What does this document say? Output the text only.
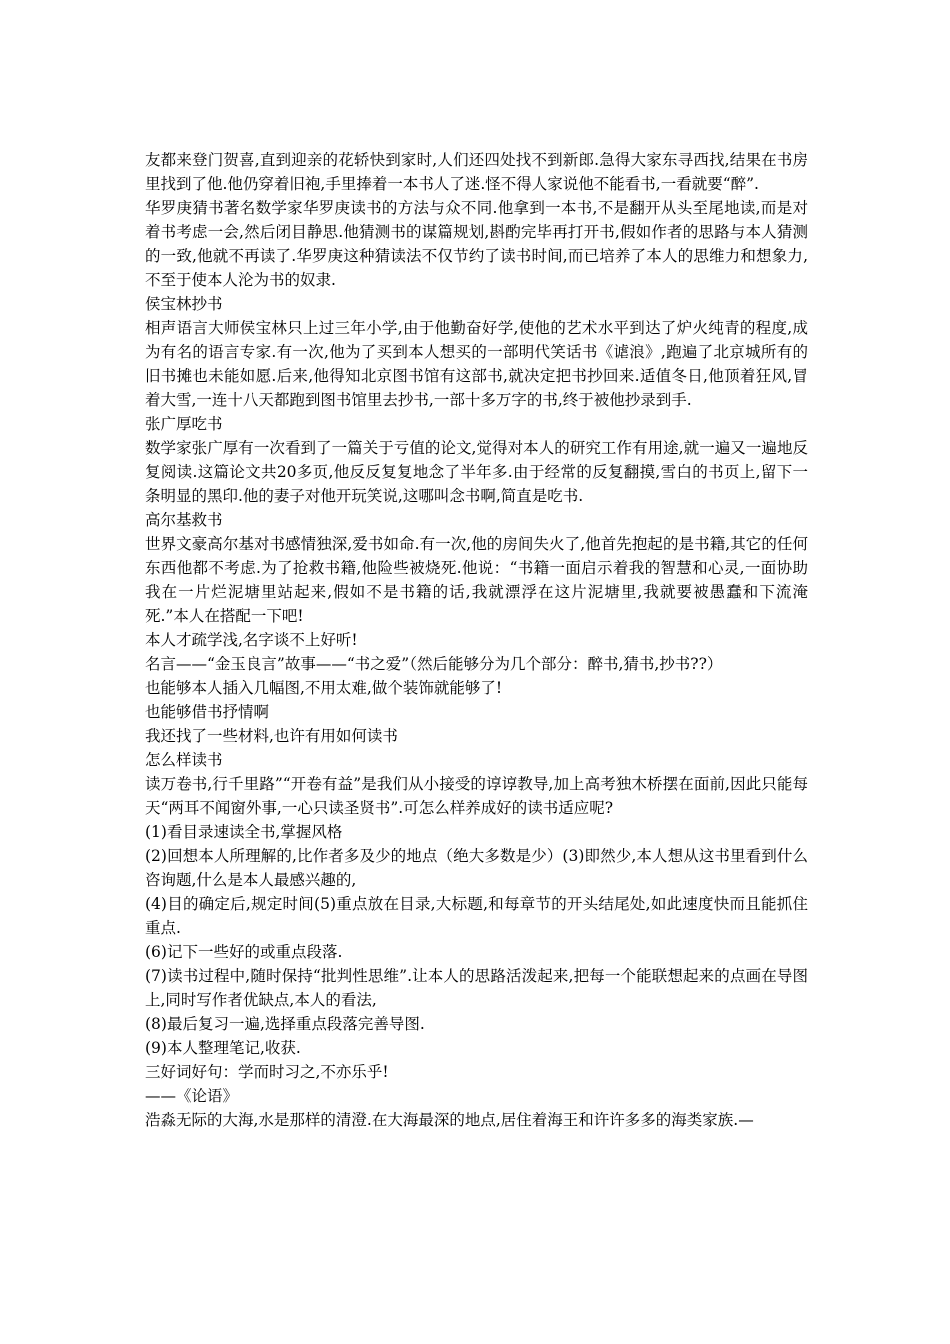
友都来登门贺喜,直到迎亲的花轿快到家时,人们还四处找不到新郎.急得大家东寻西找,结果在书房里找到了他.他仍穿着旧袍,手里捧着一本书人了迷.怪不得人家说他不能看书,一看就要“醉”.

华罗庚猜书著名数学家华罗庚读书的方法与众不同.他拿到一本书,不是翻开从头至尾地读,而是对着书考虑一会,然后闭目静思.他猜测书的谋篇规划,斟酌完毕再打开书,假如作者的思路与本人猜测的一致,他就不再读了.华罗庚这种猜读法不仅节约了读书时间,而已培养了本人的思维力和想象力,不至于使本人沦为书的奴隶.

侯宝林抄书

相声语言大师侯宝林只上过三年小学,由于他勤奋好学,使他的艺术水平到达了炉火纯青的程度,成为有名的语言专家.有一次,他为了买到本人想买的一部明代笑话书《谑浪》,跑遍了北京城所有的旧书摊也未能如愿.后来,他得知北京图书馆有这部书,就决定把书抄回来.适值冬日,他顶着狂风,冒着大雪,一连十八天都跑到图书馆里去抄书,一部十多万字的书,终于被他抄录到手.

张广厚吃书

数学家张广厚有一次看到了一篇关于亏值的论文,觉得对本人的研究工作有用途,就一遍又一遍地反复阅读.这篇论文共20多页,他反反复复地念了半年多.由于经常的反复翻摸,雪白的书页上,留下一条明显的黑印.他的妻子对他开玩笑说,这哪叫念书啊,简直是吃书.

高尔基救书

世界文豪高尔基对书感情独深,爱书如命.有一次,他的房间失火了,他首先抱起的是书籍,其它的任何东西他都不考虑.为了抢救书籍,他险些被烧死.他说：“书籍一面启示着我的智慧和心灵,一面协助我在一片烂泥塘里站起来,假如不是书籍的话,我就漂浮在这片泥塘里,我就要被愚蠢和下流淹死.”本人在搭配一下吧!

本人才疏学浅,名字谈不上好听!

名言——“金玉良言”故事——“书之爱”（然后能够分为几个部分：醉书,猜书,抄书??）

也能够本人插入几幅图,不用太难,做个装饰就能够了!

也能够借书抒情啊

我还找了一些材料,也许有用如何读书

怎么样读书

读万卷书,行千里路”“开卷有益”是我们从小接受的谆谆教导,加上高考独木桥摆在面前,因此只能每天“两耳不闻窗外事,一心只读圣贤书”.可怎么样养成好的读书适应呢?

(1)看目录速读全书,掌握风格

(2)回想本人所理解的,比作者多及少的地点（绝大多数是少）(3)即然少,本人想从这书里看到什么咨询题,什么是本人最感兴趣的,

(4)目的确定后,规定时间(5)重点放在目录,大标题,和每章节的开头结尾处,如此速度快而且能抓住重点.

(6)记下一些好的或重点段落.

(7)读书过程中,随时保持“批判性思维”.让本人的思路活泼起来,把每一个能联想起来的点画在导图上,同时写作者优缺点,本人的看法,

(8)最后复习一遍,选择重点段落完善导图.

(9)本人整理笔记,收获.

三好词好句：学而时习之,不亦乐乎!

——《论语》

浩淼无际的大海,水是那样的清澄.在大海最深的地点,居住着海王和许许多多的海类家族.—
